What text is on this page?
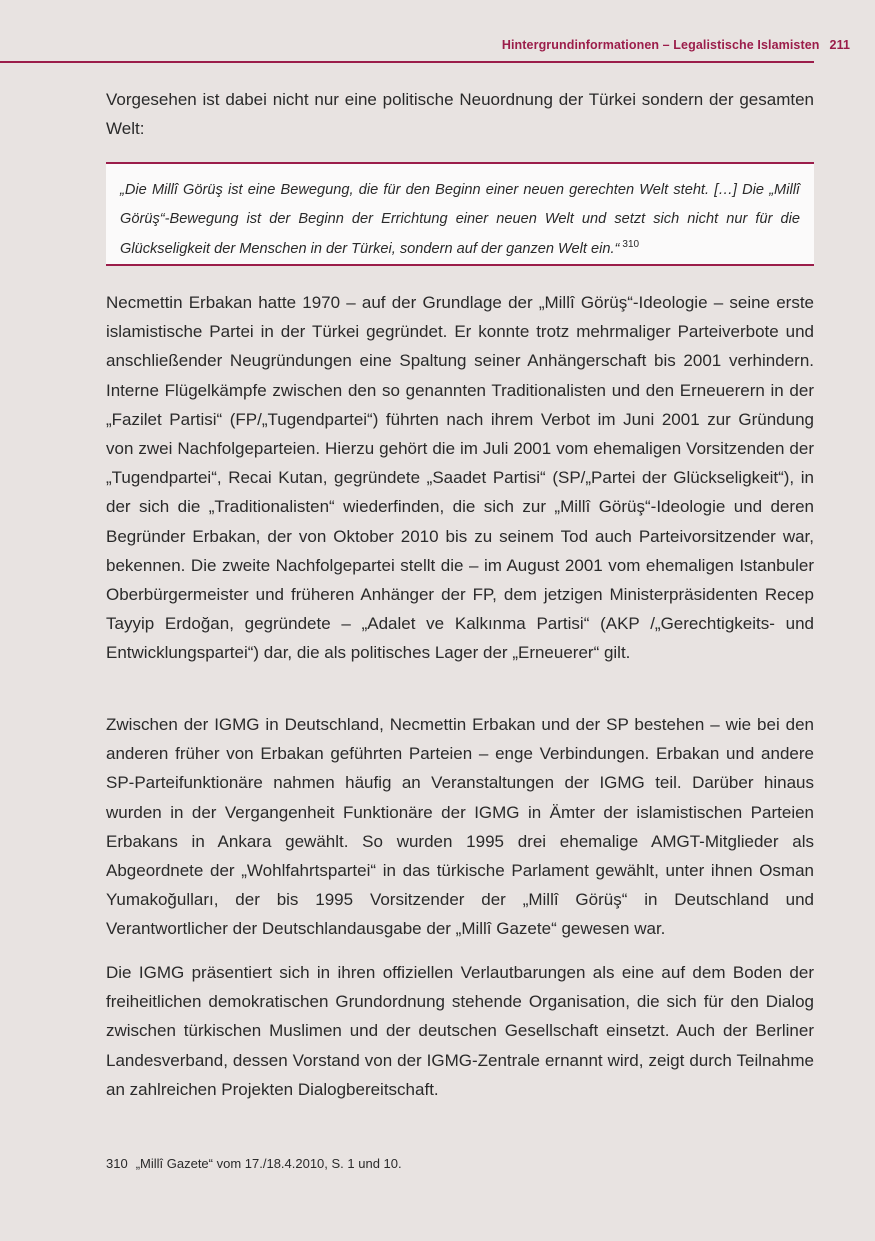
Hintergrundinformationen – Legalistische Islamisten 211

Vorgesehen ist dabei nicht nur eine politische Neuordnung der Türkei sondern der gesamten Welt:

„Die Millî Görüş ist eine Bewegung, die für den Beginn einer neuen gerechten Welt steht. […] Die „Millî Görüş“-Bewegung ist der Beginn der Errichtung einer neuen Welt und setzt sich nicht nur für die Glückseligkeit der Menschen in der Türkei, sondern auf der ganzen Welt ein.“ $^{310}$

Necmettin Erbakan hatte 1970 – auf der Grundlage der „Millî Görüş“-Ideologie – seine erste islamistische Partei in der Türkei gegründet. Er konnte trotz mehrmaliger Parteiverbote und anschließender Neugründungen eine Spaltung seiner Anhängerschaft bis 2001 verhindern. Interne Flügelkämpfe zwischen den so genannten Traditionalisten und den Erneuerern in der „Fazilet Partisi“ (FP/„Tugendpartei“) führten nach ihrem Verbot im Juni 2001 zur Gründung von zwei Nachfolgeparteien. Hierzu gehört die im Juli 2001 vom ehemaligen Vorsitzenden der „Tugendpartei“, Recai Kutan, gegründete „Saadet Partisi“ (SP/„Partei der Glückseligkeit“), in der sich die „Traditionalisten“ wiederfinden, die sich zur „Millî Görüş“-Ideologie und deren Begründer Erbakan, der von Oktober 2010 bis zu seinem Tod auch Parteivorsitzender war, bekennen. Die zweite Nachfolgepartei stellt die – im August 2001 vom ehemaligen Istanbuler Oberbürgermeister und früheren Anhänger der FP, dem jetzigen Ministerpräsidenten Recep Tayyip Erdoğan, gegründete – „Adalet ve Kalkınma Partisi“ (AKP /„Gerechtigkeits- und Entwicklungspartei“) dar, die als politisches Lager der „Erneuerer“ gilt.

Zwischen der IGMG in Deutschland, Necmettin Erbakan und der SP bestehen – wie bei den anderen früher von Erbakan geführten Parteien – enge Verbindungen. Erbakan und andere SP-Parteifunktionäre nahmen häufig an Veranstaltungen der IGMG teil. Darüber hinaus wurden in der Vergangenheit Funktionäre der IGMG in Ämter der islamistischen Parteien Erbakans in Ankara gewählt. So wurden 1995 drei ehemalige AMGT-Mitglieder als Abgeordnete der „Wohlfahrtspartei“ in das türkische Parlament gewählt, unter ihnen Osman Yumakoğulları, der bis 1995 Vorsitzender der „Millî Görüş“ in Deutschland und Verantwortlicher der Deutschlandausgabe der „Millî Gazete“ gewesen war.

Die IGMG präsentiert sich in ihren offiziellen Verlautbarungen als eine auf dem Boden der freiheitlichen demokratischen Grundordnung stehende Organisation, die sich für den Dialog zwischen türkischen Muslimen und der deutschen Gesellschaft einsetzt. Auch der Berliner Landesverband, dessen Vorstand von der IGMG-Zentrale ernannt wird, zeigt durch Teilnahme an zahlreichen Projekten Dialogbereitschaft.

310 „Millî Gazete“ vom 17./18.4.2010, S. 1 und 10.
